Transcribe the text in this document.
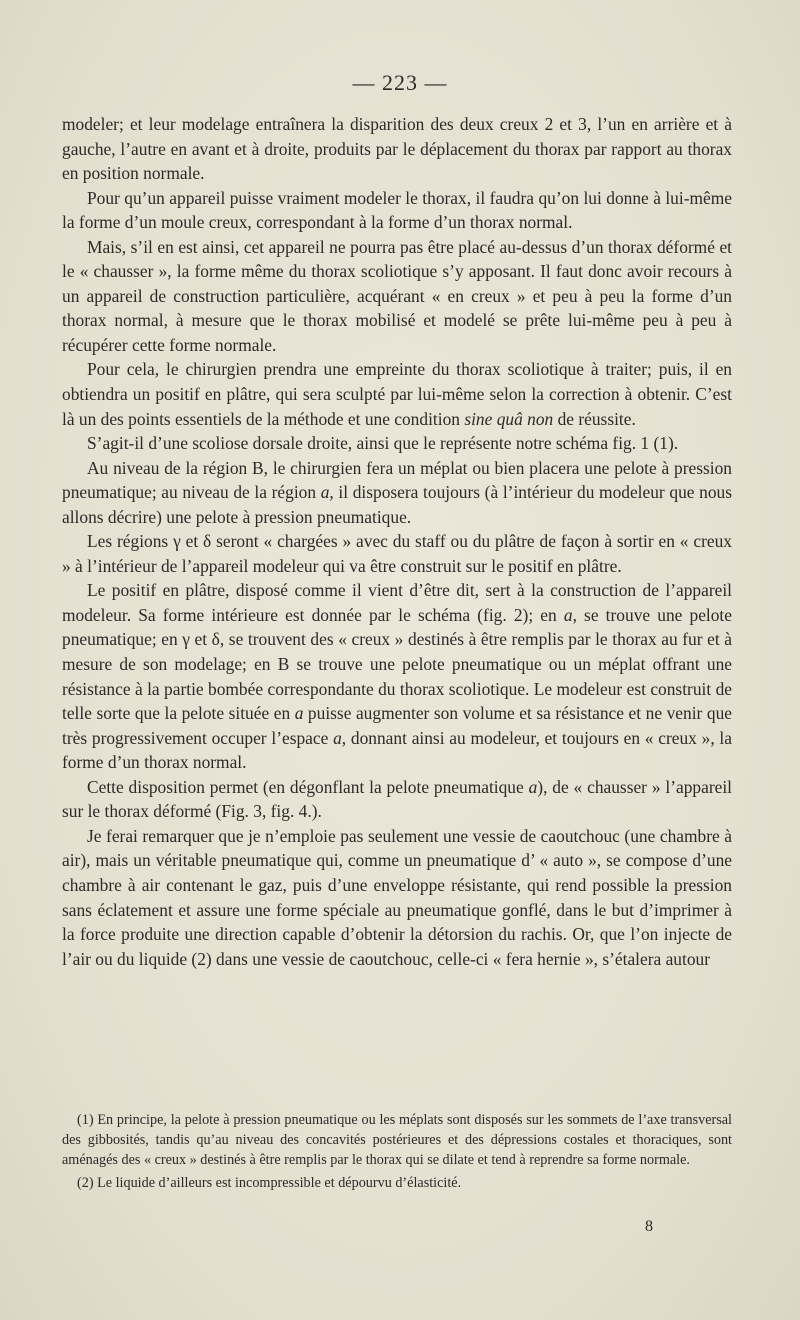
— 223 —

modeler; et leur modelage entraînera la disparition des deux creux 2 et 3, l’un en arrière et à gauche, l’autre en avant et à droite, produits par le déplacement du thorax par rapport au thorax en position normale.

Pour qu’un appareil puisse vraiment modeler le thorax, il faudra qu’on lui donne à lui-même la forme d’un moule creux, correspondant à la forme d’un thorax normal.

Mais, s’il en est ainsi, cet appareil ne pourra pas être placé au-dessus d’un thorax déformé et le « chausser », la forme même du thorax scoliotique s’y apposant. Il faut donc avoir recours à un appareil de construction particulière, acquérant « en creux » et peu à peu la forme d’un thorax normal, à mesure que le thorax mobilisé et modelé se prête lui-même peu à peu à récupérer cette forme normale.

Pour cela, le chirurgien prendra une empreinte du thorax scoliotique à traiter; puis, il en obtiendra un positif en plâtre, qui sera sculpté par lui-même selon la correction à obtenir. C’est là un des points essentiels de la méthode et une condition sine quâ non de réussite.

S’agit-il d’une scoliose dorsale droite, ainsi que le représente notre schéma fig. 1 (1).

Au niveau de la région B, le chirurgien fera un méplat ou bien placera une pelote à pression pneumatique; au niveau de la région a, il disposera toujours (à l’intérieur du modeleur que nous allons décrire) une pelote à pression pneumatique.

Les régions γ et δ seront « chargées » avec du staff ou du plâtre de façon à sortir en « creux » à l’intérieur de l’appareil modeleur qui va être construit sur le positif en plâtre.

Le positif en plâtre, disposé comme il vient d’être dit, sert à la construction de l’appareil modeleur. Sa forme intérieure est donnée par le schéma (fig. 2); en a, se trouve une pelote pneumatique; en γ et δ, se trouvent des « creux » destinés à être remplis par le thorax au fur et à mesure de son modelage; en B se trouve une pelote pneumatique ou un méplat offrant une résistance à la partie bombée correspondante du thorax scoliotique. Le modeleur est construit de telle sorte que la pelote située en a puisse augmenter son volume et sa résistance et ne venir que très progressivement occuper l’espace a, donnant ainsi au modeleur, et toujours en « creux », la forme d’un thorax normal.

Cette disposition permet (en dégonflant la pelote pneumatique a), de « chausser » l’appareil sur le thorax déformé (Fig. 3, fig. 4.).

Je ferai remarquer que je n’emploie pas seulement une vessie de caoutchouc (une chambre à air), mais un véritable pneumatique qui, comme un pneumatique d’ « auto », se compose d’une chambre à air contenant le gaz, puis d’une enveloppe résistante, qui rend possible la pression sans éclatement et assure une forme spéciale au pneumatique gonflé, dans le but d’imprimer à la force produite une direction capable d’obtenir la détorsion du rachis. Or, que l’on injecte de l’air ou du liquide (2) dans une vessie de caoutchouc, celle-ci « fera hernie », s’étalera autour

(1) En principe, la pelote à pression pneumatique ou les méplats sont disposés sur les sommets de l’axe transversal des gibbosités, tandis qu’au niveau des concavités postérieures et des dépressions costales et thoraciques, sont aménagés des « creux » destinés à être remplis par le thorax qui se dilate et tend à reprendre sa forme normale.

(2) Le liquide d’ailleurs est incompressible et dépourvu d’élasticité.

8
